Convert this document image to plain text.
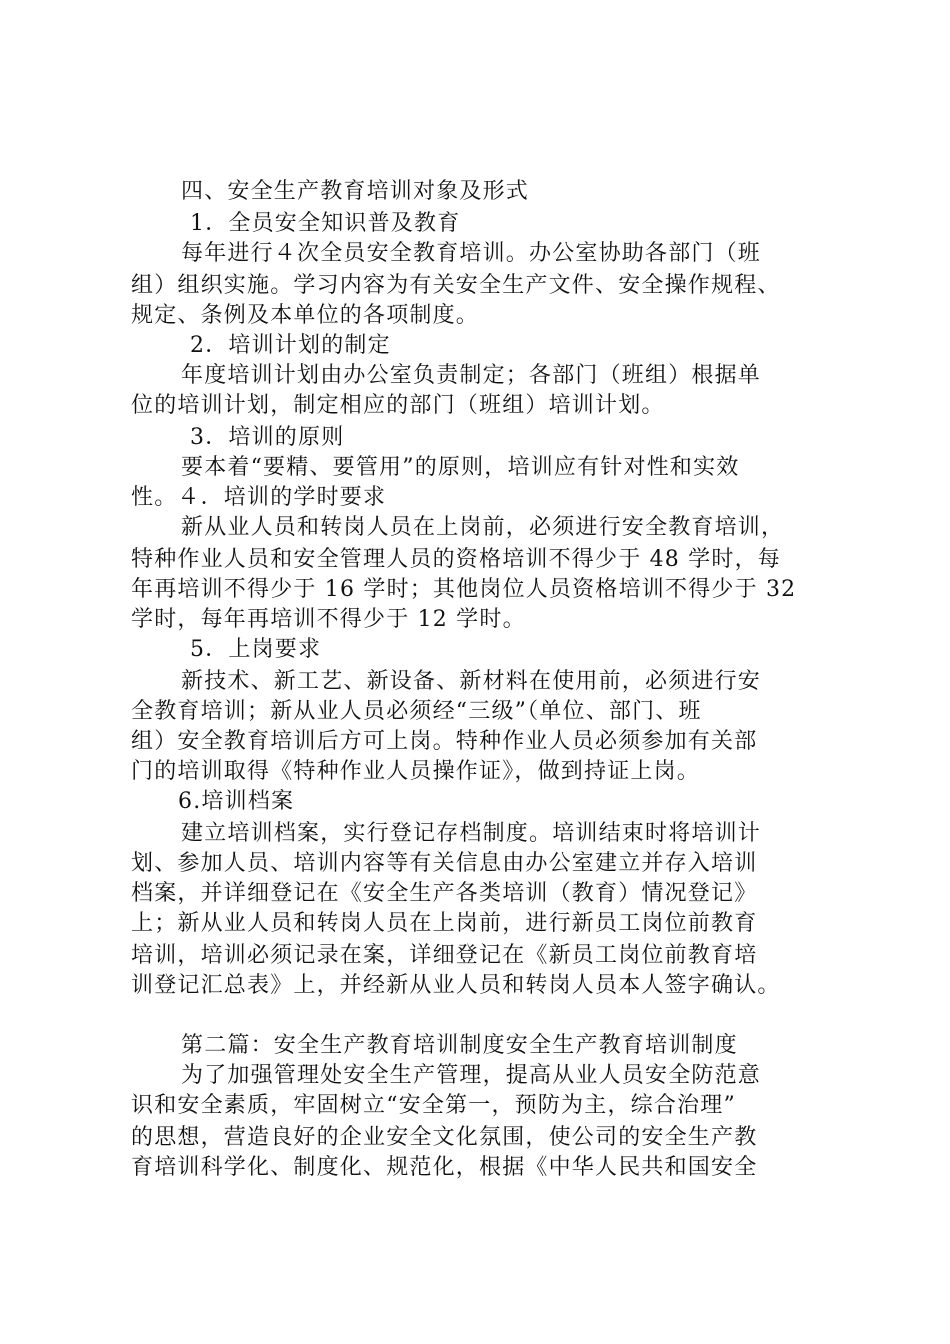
四、安全生产教育培训对象及形式
1．全员安全知识普及教育
每年进行４次全员安全教育培训。办公室协助各部门（班
组）组织实施。学习内容为有关安全生产文件、安全操作规程、
规定、条例及本单位的各项制度。
2．培训计划的制定
年度培训计划由办公室负责制定；各部门（班组）根据单
位的培训计划，制定相应的部门（班组）培训计划。
3．培训的原则
要本着“要精、要管用”的原则，培训应有针对性和实效
性。４．培训的学时要求
新从业人员和转岗人员在上岗前，必须进行安全教育培训，
特种作业人员和安全管理人员的资格培训不得少于 48 学时，每
年再培训不得少于 16 学时；其他岗位人员资格培训不得少于 32
学时，每年再培训不得少于 12 学时。
5．上岗要求
新技术、新工艺、新设备、新材料在使用前，必须进行安
全教育培训；新从业人员必须经“三级”（单位、部门、班
组）安全教育培训后方可上岗。特种作业人员必须参加有关部
门的培训取得《特种作业人员操作证》，做到持证上岗。
6.培训档案
建立培训档案，实行登记存档制度。培训结束时将培训计
划、参加人员、培训内容等有关信息由办公室建立并存入培训
档案，并详细登记在《安全生产各类培训（教育）情况登记》
上；新从业人员和转岗人员在上岗前，进行新员工岗位前教育
培训，培训必须记录在案，详细登记在《新员工岗位前教育培
训登记汇总表》上，并经新从业人员和转岗人员本人签字确认。
第二篇：安全生产教育培训制度安全生产教育培训制度
为了加强管理处安全生产管理，提高从业人员安全防范意
识和安全素质，牢固树立“安全第一，预防为主，综合治理”
的思想，营造良好的企业安全文化氛围，使公司的安全生产教
育培训科学化、制度化、规范化，根据《中华人民共和国安全
